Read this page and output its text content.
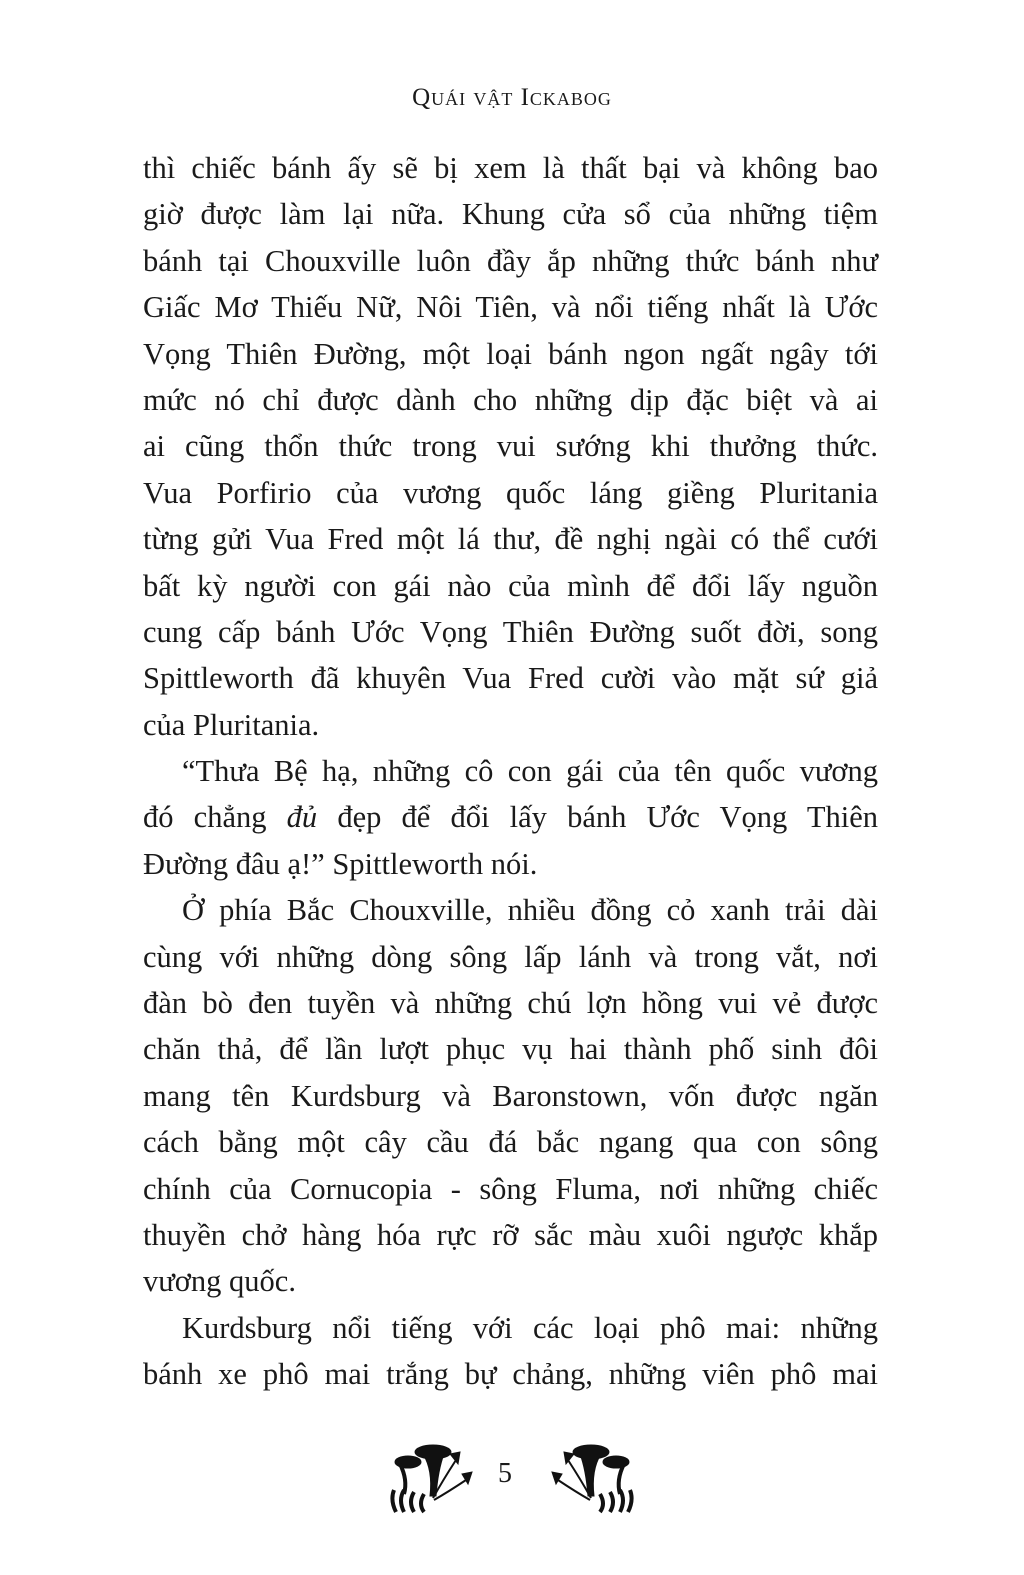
Quái vật Ickabog
thì chiếc bánh ấy sẽ bị xem là thất bại và không bao
giờ được làm lại nữa. Khung cửa sổ của những tiệm
bánh tại Chouxville luôn đầy ắp những thức bánh như
Giấc Mơ Thiếu Nữ, Nôi Tiên, và nổi tiếng nhất là Ước
Vọng Thiên Đường, một loại bánh ngon ngất ngây tới
mức nó chỉ được dành cho những dịp đặc biệt và ai
ai cũng thổn thức trong vui sướng khi thưởng thức.
Vua Porfirio của vương quốc láng giềng Pluritania
từng gửi Vua Fred một lá thư, đề nghị ngài có thể cưới
bất kỳ người con gái nào của mình để đổi lấy nguồn
cung cấp bánh Ước Vọng Thiên Đường suốt đời, song
Spittleworth đã khuyên Vua Fred cười vào mặt sứ giả
của Pluritania.
“Thưa Bệ hạ, những cô con gái của tên quốc vương
đó chẳng đủ đẹp để đổi lấy bánh Ước Vọng Thiên
Đường đâu ạ!” Spittleworth nói.
Ở phía Bắc Chouxville, nhiều đồng cỏ xanh trải dài
cùng với những dòng sông lấp lánh và trong vắt, nơi
đàn bò đen tuyền và những chú lợn hồng vui vẻ được
chăn thả, để lần lượt phục vụ hai thành phố sinh đôi
mang tên Kurdsburg và Baronstown, vốn được ngăn
cách bằng một cây cầu đá bắc ngang qua con sông
chính của Cornucopia - sông Fluma, nơi những chiếc
thuyền chở hàng hóa rực rỡ sắc màu xuôi ngược khắp
vương quốc.
Kurdsburg nổi tiếng với các loại phô mai: những
bánh xe phô mai trắng bự chảng, những viên phô mai
5
